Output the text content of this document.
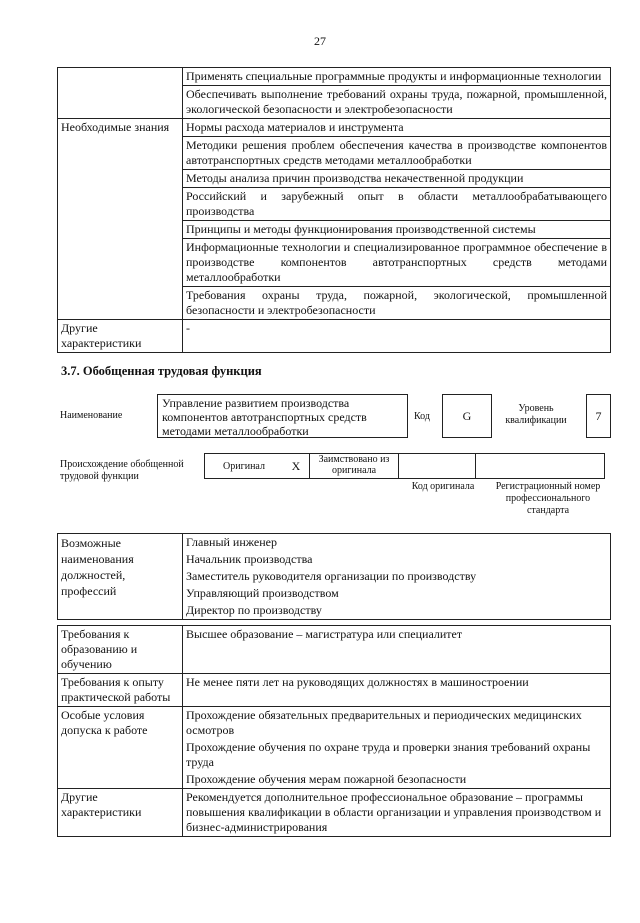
27
	Применять специальные программные продукты и информационные технологии
	Обеспечивать выполнение требований охраны труда, пожарной, промышленной, экологической безопасности и электробезопасности
Необходимые знания	Нормы расхода материалов и инструмента
	Методики решения проблем обеспечения качества в производстве компонентов автотранспортных средств методами металлообработки
	Методы анализа причин производства некачественной продукции
	Российский и зарубежный опыт в области металлообрабатывающего производства
	Принципы и методы функционирования производственной системы
	Информационные технологии и специализированное программное обеспечение в производстве компонентов автотранспортных средств методами металлообработки
	Требования охраны труда, пожарной, экологической, промышленной безопасности и электробезопасности
Другие характеристики	-
3.7. Обобщенная трудовая функция
Наименование
Управление развитием производства компонентов автотранспортных средств методами металлообработки
Код	G	Уровень квалификации	7
Происхождение обобщенной трудовой функции
Оригинал	X	Заимствовано из оригинала		
Код оригинала	Регистрационный номер профессионального стандарта
Возможные наименования должностей, профессий	Главный инженер
Начальник производства
Заместитель руководителя организации по производству
Управляющий производством
Директор по производству
Требования к образованию и обучению	Высшее образование – магистратура или специалитет
Требования к опыту практической работы	Не менее пяти лет на руководящих должностях в машиностроении
Особые условия допуска к работе	Прохождение обязательных предварительных и периодических медицинских осмотров
	Прохождение обучения по охране труда и проверки знания требований охраны труда
	Прохождение обучения мерам пожарной безопасности
Другие характеристики	Рекомендуется дополнительное профессиональное образование – программы повышения квалификации в области организации и управления производством и бизнес-администрирования
